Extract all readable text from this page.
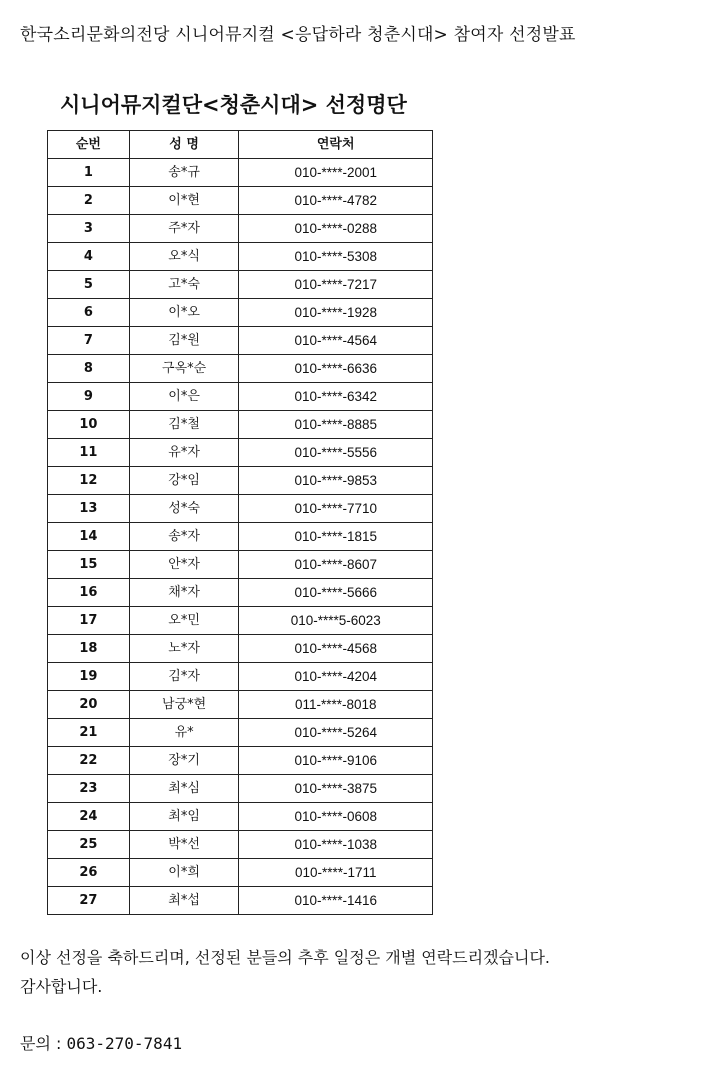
한국소리문화의전당 시니어뮤지컬 <응답하라 청춘시대> 참여자 선정발표
시니어뮤지컬단<청춘시대> 선정명단
순번	성 명	연락처
1	송*규	010-****-2001
2	이*현	010-****-4782
3	주*자	010-****-0288
4	오*식	010-****-5308
5	고*숙	010-****-7217
6	이*오	010-****-1928
7	김*원	010-****-4564
8	구옥*순	010-****-6636
9	이*은	010-****-6342
10	김*철	010-****-8885
11	유*자	010-****-5556
12	강*임	010-****-9853
13	성*숙	010-****-7710
14	송*자	010-****-1815
15	안*자	010-****-8607
16	채*자	010-****-5666
17	오*민	010-****5-6023
18	노*자	010-****-4568
19	김*자	010-****-4204
20	남궁*현	011-****-8018
21	유*	010-****-5264
22	장*기	010-****-9106
23	최*심	010-****-3875
24	최*임	010-****-0608
25	박*선	010-****-1038
26	이*희	010-****-1711
27	최*섭	010-****-1416
이상 선정을 축하드리며, 선정된 분들의 추후 일정은 개별 연락드리겠습니다.
감사합니다.
문의 : 063-270-7841
